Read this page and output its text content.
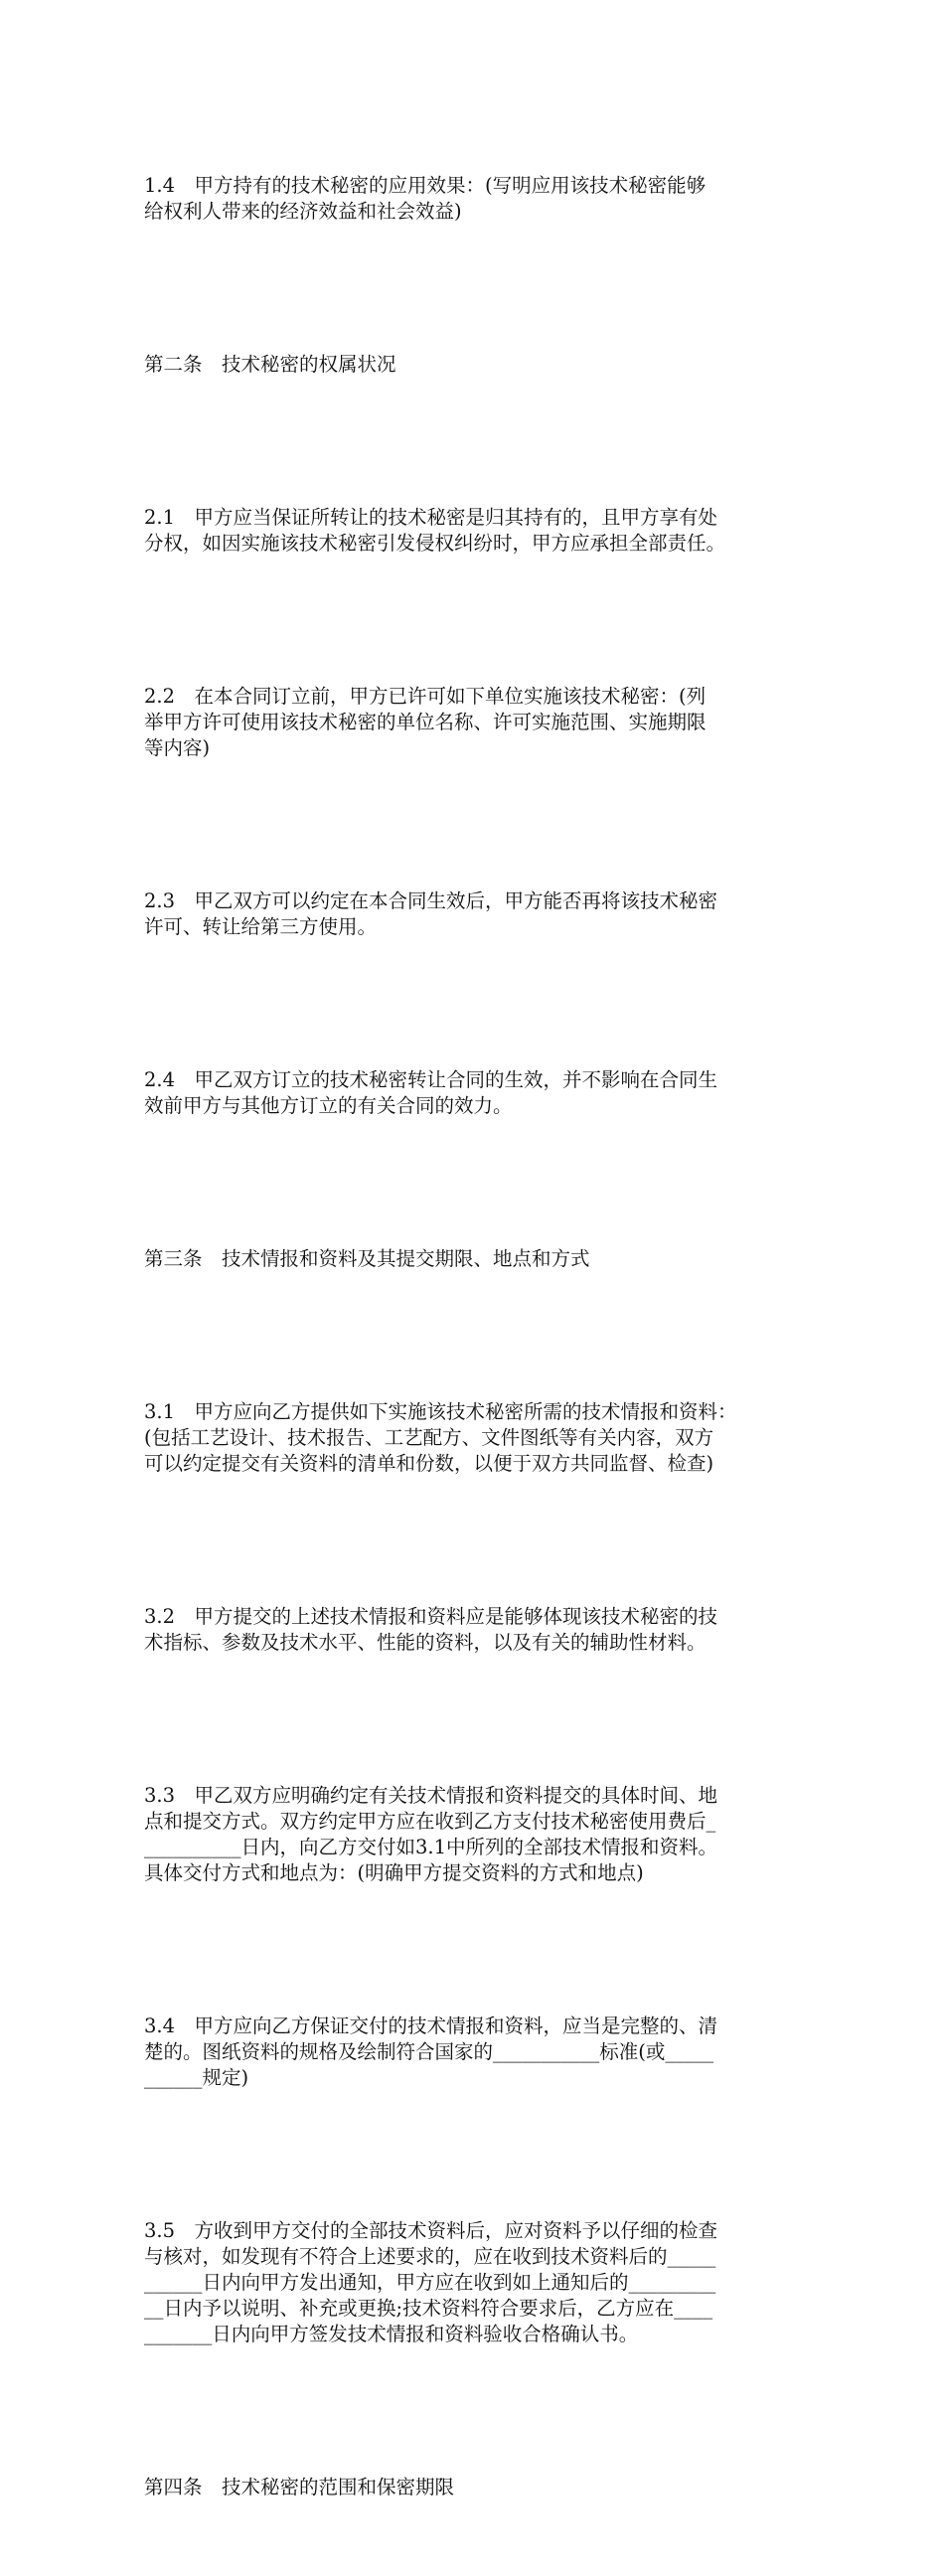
1.4　甲方持有的技术秘密的应用效果：(写明应用该技术秘密能够
给权利人带来的经济效益和社会效益)

第二条　技术秘密的权属状况

2.1　甲方应当保证所转让的技术秘密是归其持有的，且甲方享有处
分权，如因实施该技术秘密引发侵权纠纷时，甲方应承担全部责任。

2.2　在本合同订立前，甲方已许可如下单位实施该技术秘密：(列
举甲方许可使用该技术秘密的单位名称、许可实施范围、实施期限
等内容)

2.3　甲乙双方可以约定在本合同生效后，甲方能否再将该技术秘密
许可、转让给第三方使用。

2.4　甲乙双方订立的技术秘密转让合同的生效，并不影响在合同生
效前甲方与其他方订立的有关合同的效力。

第三条　技术情报和资料及其提交期限、地点和方式

3.1　甲方应向乙方提供如下实施该技术秘密所需的技术情报和资料：
(包括工艺设计、技术报告、工艺配方、文件图纸等有关内容，双方
可以约定提交有关资料的清单和份数，以便于双方共同监督、检查)

3.2　甲方提交的上述技术情报和资料应是能够体现该技术秘密的技
术指标、参数及技术水平、性能的资料，以及有关的辅助性材料。

3.3　甲乙双方应明确约定有关技术情报和资料提交的具体时间、地
点和提交方式。双方约定甲方应在收到乙方支付技术秘密使用费后_
__________日内，向乙方交付如3.1中所列的全部技术情报和资料。
具体交付方式和地点为：(明确甲方提交资料的方式和地点)

3.4　甲方应向乙方保证交付的技术情报和资料，应当是完整的、清
楚的。图纸资料的规格及绘制符合国家的___________标准(或_____
______规定)

3.5　方收到甲方交付的全部技术资料后，应对资料予以仔细的检查
与核对，如发现有不符合上述要求的，应在收到技术资料后的_____
______日内向甲方发出通知，甲方应在收到如上通知后的_________
__日内予以说明、补充或更换;技术资料符合要求后，乙方应在____
_______日内向甲方签发技术情报和资料验收合格确认书。

第四条　技术秘密的范围和保密期限
